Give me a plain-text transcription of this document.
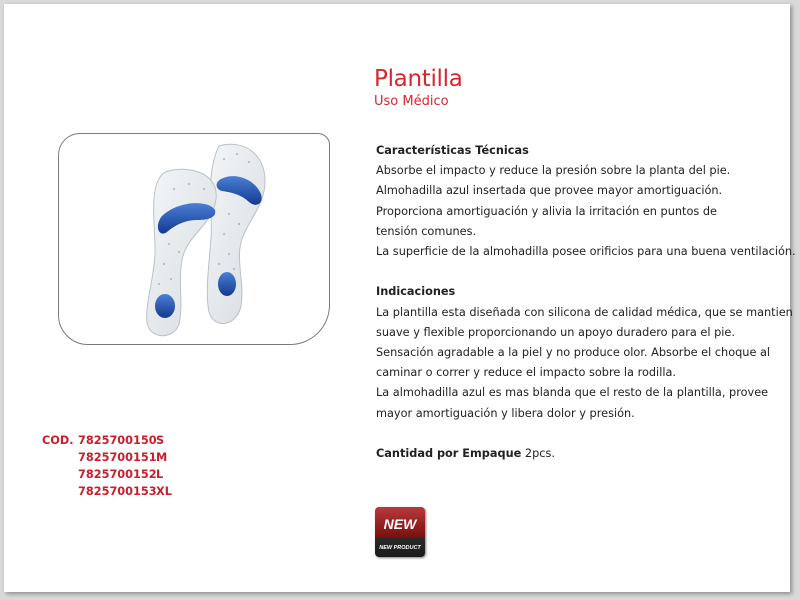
Plantilla
Uso Médico

Características Técnicas

Absorbe el impacto y reduce la presión sobre la planta del pie.

Almohadilla azul insertada que provee mayor amortiguación.

Proporciona amortiguación y alivia la irritación en puntos de

tensión comunes.

La superficie de la almohadilla posee orificios para una buena ventilación.

Indicaciones

La plantilla esta diseñada con silicona de calidad médica, que se mantien

suave y flexible proporcionando un apoyo duradero para el pie.

Sensación agradable a la piel y no produce olor. Absorbe el choque al

caminar o correr y reduce el impacto sobre la rodilla.

La almohadilla azul es mas blanda que el resto de la plantilla, provee

mayor amortiguación y libera dolor y presión.

Cantidad por Empaque 2pcs.

COD. 7825700150 S
7825700151 M
7825700152 L
7825700153 XL
NEW
NEW PRODUCT
